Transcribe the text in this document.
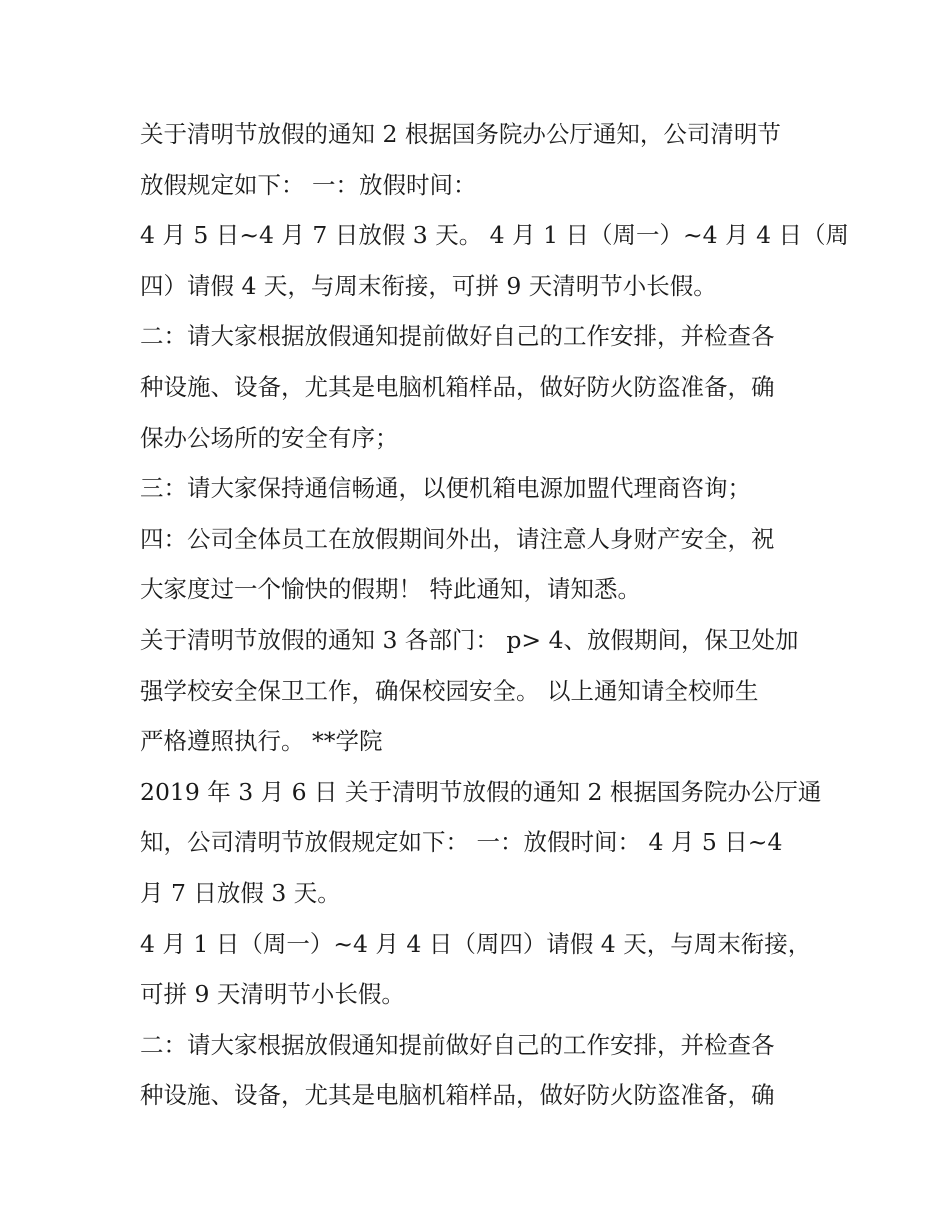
关于清明节放假的通知 2 根据国务院办公厅通知，公司清明节
放假规定如下： 一：放假时间：
4 月 5 日~4 月 7 日放假 3 天。 4 月 1 日（周一）~4 月 4 日（周
四）请假 4 天，与周末衔接，可拼 9 天清明节小长假。
二：请大家根据放假通知提前做好自己的工作安排，并检查各
种设施、设备，尤其是电脑机箱样品，做好防火防盗准备，确
保办公场所的安全有序；
三：请大家保持通信畅通，以便机箱电源加盟代理商咨询；
四：公司全体员工在放假期间外出，请注意人身财产安全，祝
大家度过一个愉快的假期！ 特此通知，请知悉。
关于清明节放假的通知 3 各部门： p> 4、放假期间，保卫处加
强学校安全保卫工作，确保校园安全。 以上通知请全校师生
严格遵照执行。 **学院
2019 年 3 月 6 日 关于清明节放假的通知 2 根据国务院办公厅通
知，公司清明节放假规定如下： 一：放假时间： 4 月 5 日~4
月 7 日放假 3 天。
4 月 1 日（周一）~4 月 4 日（周四）请假 4 天，与周末衔接，
可拼 9 天清明节小长假。
二：请大家根据放假通知提前做好自己的工作安排，并检查各
种设施、设备，尤其是电脑机箱样品，做好防火防盗准备，确
